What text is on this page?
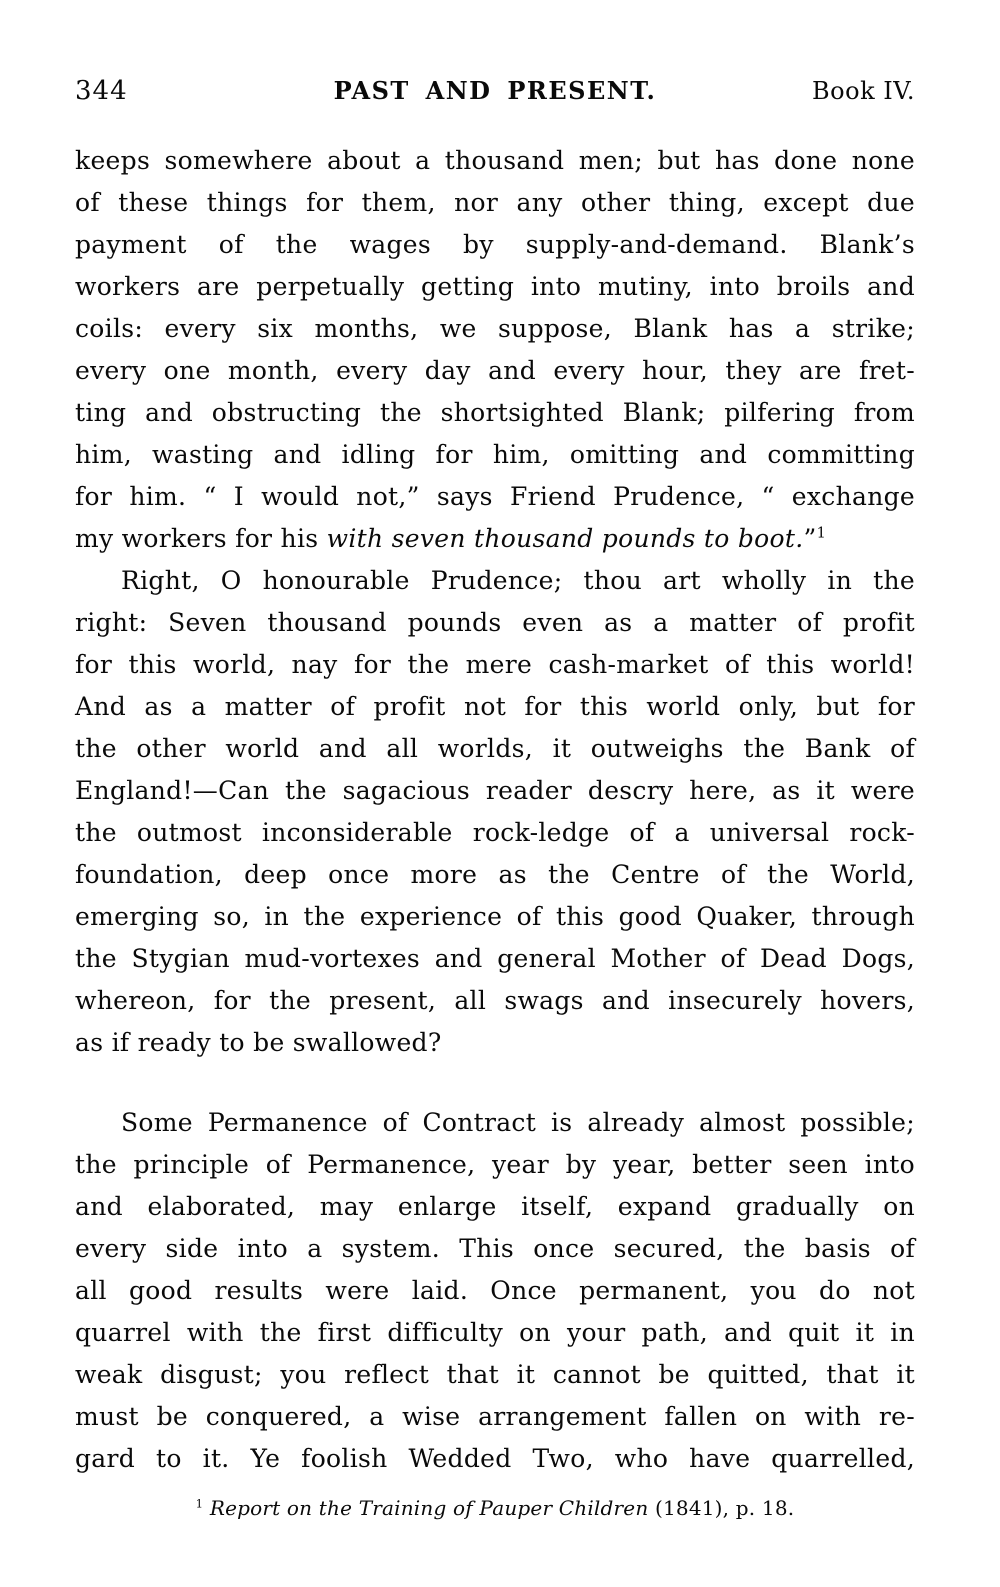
344	PAST AND PRESENT.	Book IV.
keeps somewhere about a thousand men; but has done none
of these things for them, nor any other thing, except due
payment of the wages by supply-and-demand. Blank’s
workers are perpetually getting into mutiny, into broils and
coils: every six months, we suppose, Blank has a strike;
every one month, every day and every hour, they are fret-
ting and obstructing the shortsighted Blank; pilfering from
him, wasting and idling for him, omitting and committing
for him. “ I would not,” says Friend Prudence, “ exchange
my workers for his with seven thousand pounds to boot.”$^1$
Right, O honourable Prudence; thou art wholly in the
right: Seven thousand pounds even as a matter of profit
for this world, nay for the mere cash-market of this world!
And as a matter of profit not for this world only, but for
the other world and all worlds, it outweighs the Bank of
England!—Can the sagacious reader descry here, as it were
the outmost inconsiderable rock-ledge of a universal rock-
foundation, deep once more as the Centre of the World,
emerging so, in the experience of this good Quaker, through
the Stygian mud-vortexes and general Mother of Dead Dogs,
whereon, for the present, all swags and insecurely hovers,
as if ready to be swallowed?
Some Permanence of Contract is already almost possible;
the principle of Permanence, year by year, better seen into
and elaborated, may enlarge itself, expand gradually on
every side into a system. This once secured, the basis of
all good results were laid. Once permanent, you do not
quarrel with the first difficulty on your path, and quit it in
weak disgust; you reflect that it cannot be quitted, that it
must be conquered, a wise arrangement fallen on with re-
gard to it. Ye foolish Wedded Two, who have quarrelled,
$^1$ Report on the Training of Pauper Children (1841), p. 18.
